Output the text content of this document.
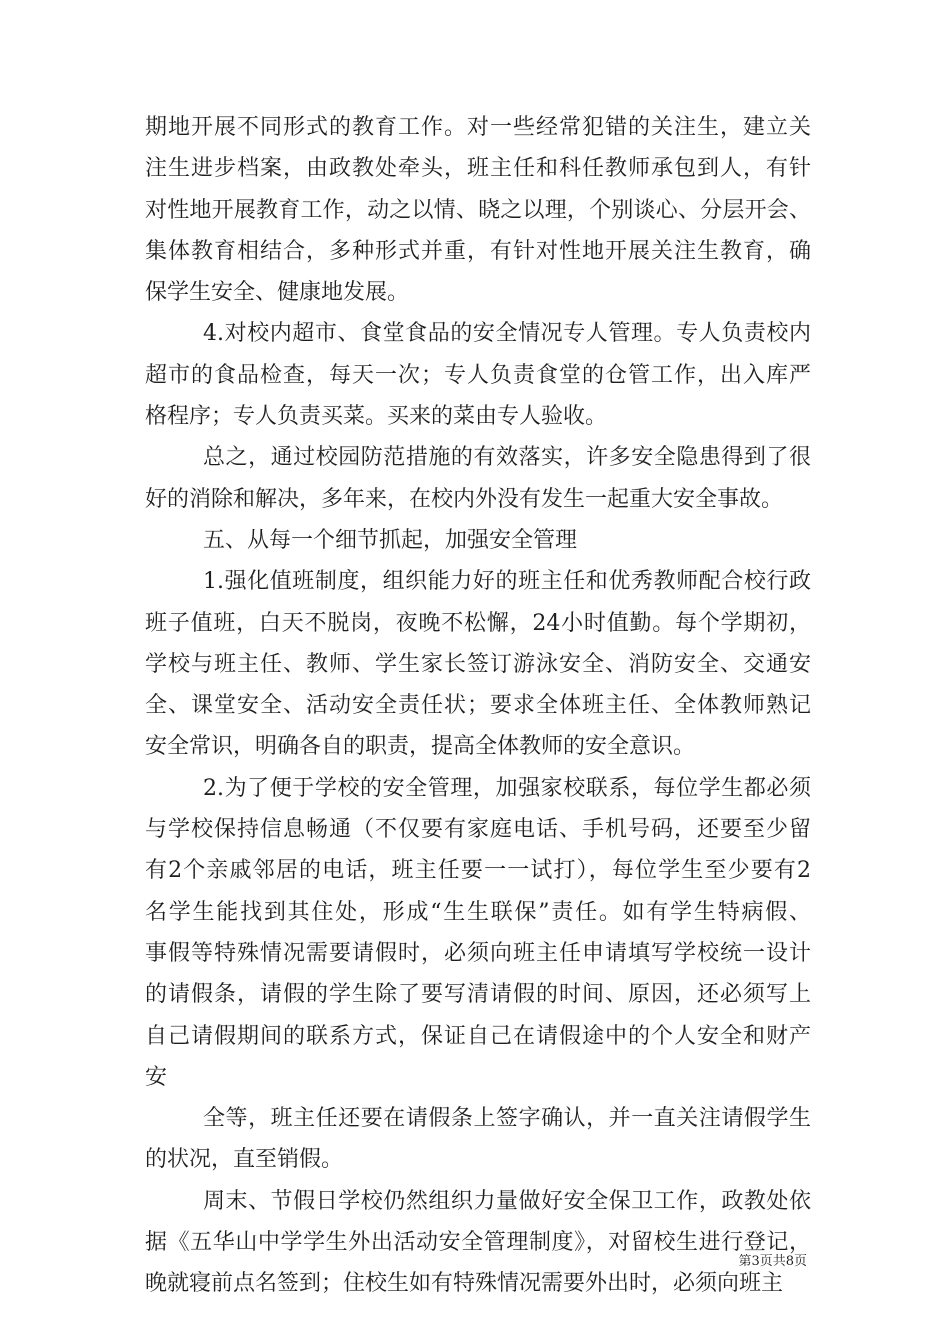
期地开展不同形式的教育工作。对一些经常犯错的关注生，建立关
注生进步档案，由政教处牵头，班主任和科任教师承包到人，有针
对性地开展教育工作，动之以情、晓之以理，个别谈心、分层开会、
集体教育相结合，多种形式并重，有针对性地开展关注生教育，确
保学生安全、健康地发展。
4.对校内超市、食堂食品的安全情况专人管理。专人负责校内
超市的食品检查，每天一次；专人负责食堂的仓管工作，出入库严
格程序；专人负责买菜。买来的菜由专人验收。
总之，通过校园防范措施的有效落实，许多安全隐患得到了很
好的消除和解决，多年来，在校内外没有发生一起重大安全事故。
五、从每一个细节抓起，加强安全管理
1.强化值班制度，组织能力好的班主任和优秀教师配合校行政
班子值班，白天不脱岗，夜晚不松懈，24小时值勤。每个学期初，
学校与班主任、教师、学生家长签订游泳安全、消防安全、交通安
全、课堂安全、活动安全责任状；要求全体班主任、全体教师熟记
安全常识，明确各自的职责，提高全体教师的安全意识。
2.为了便于学校的安全管理，加强家校联系，每位学生都必须
与学校保持信息畅通（不仅要有家庭电话、手机号码，还要至少留
有2个亲戚邻居的电话，班主任要一一试打），每位学生至少要有2
名学生能找到其住处，形成“生生联保”责任。如有学生特病假、
事假等特殊情况需要请假时，必须向班主任申请填写学校统一设计
的请假条，请假的学生除了要写清请假的时间、原因，还必须写上
自己请假期间的联系方式，保证自己在请假途中的个人安全和财产
安
全等，班主任还要在请假条上签字确认，并一直关注请假学生
的状况，直至销假。
周末、节假日学校仍然组织力量做好安全保卫工作，政教处依
据《五华山中学学生外出活动安全管理制度》，对留校生进行登记，
晚就寝前点名签到；住校生如有特殊情况需要外出时，必须向班主
第3页共8页
